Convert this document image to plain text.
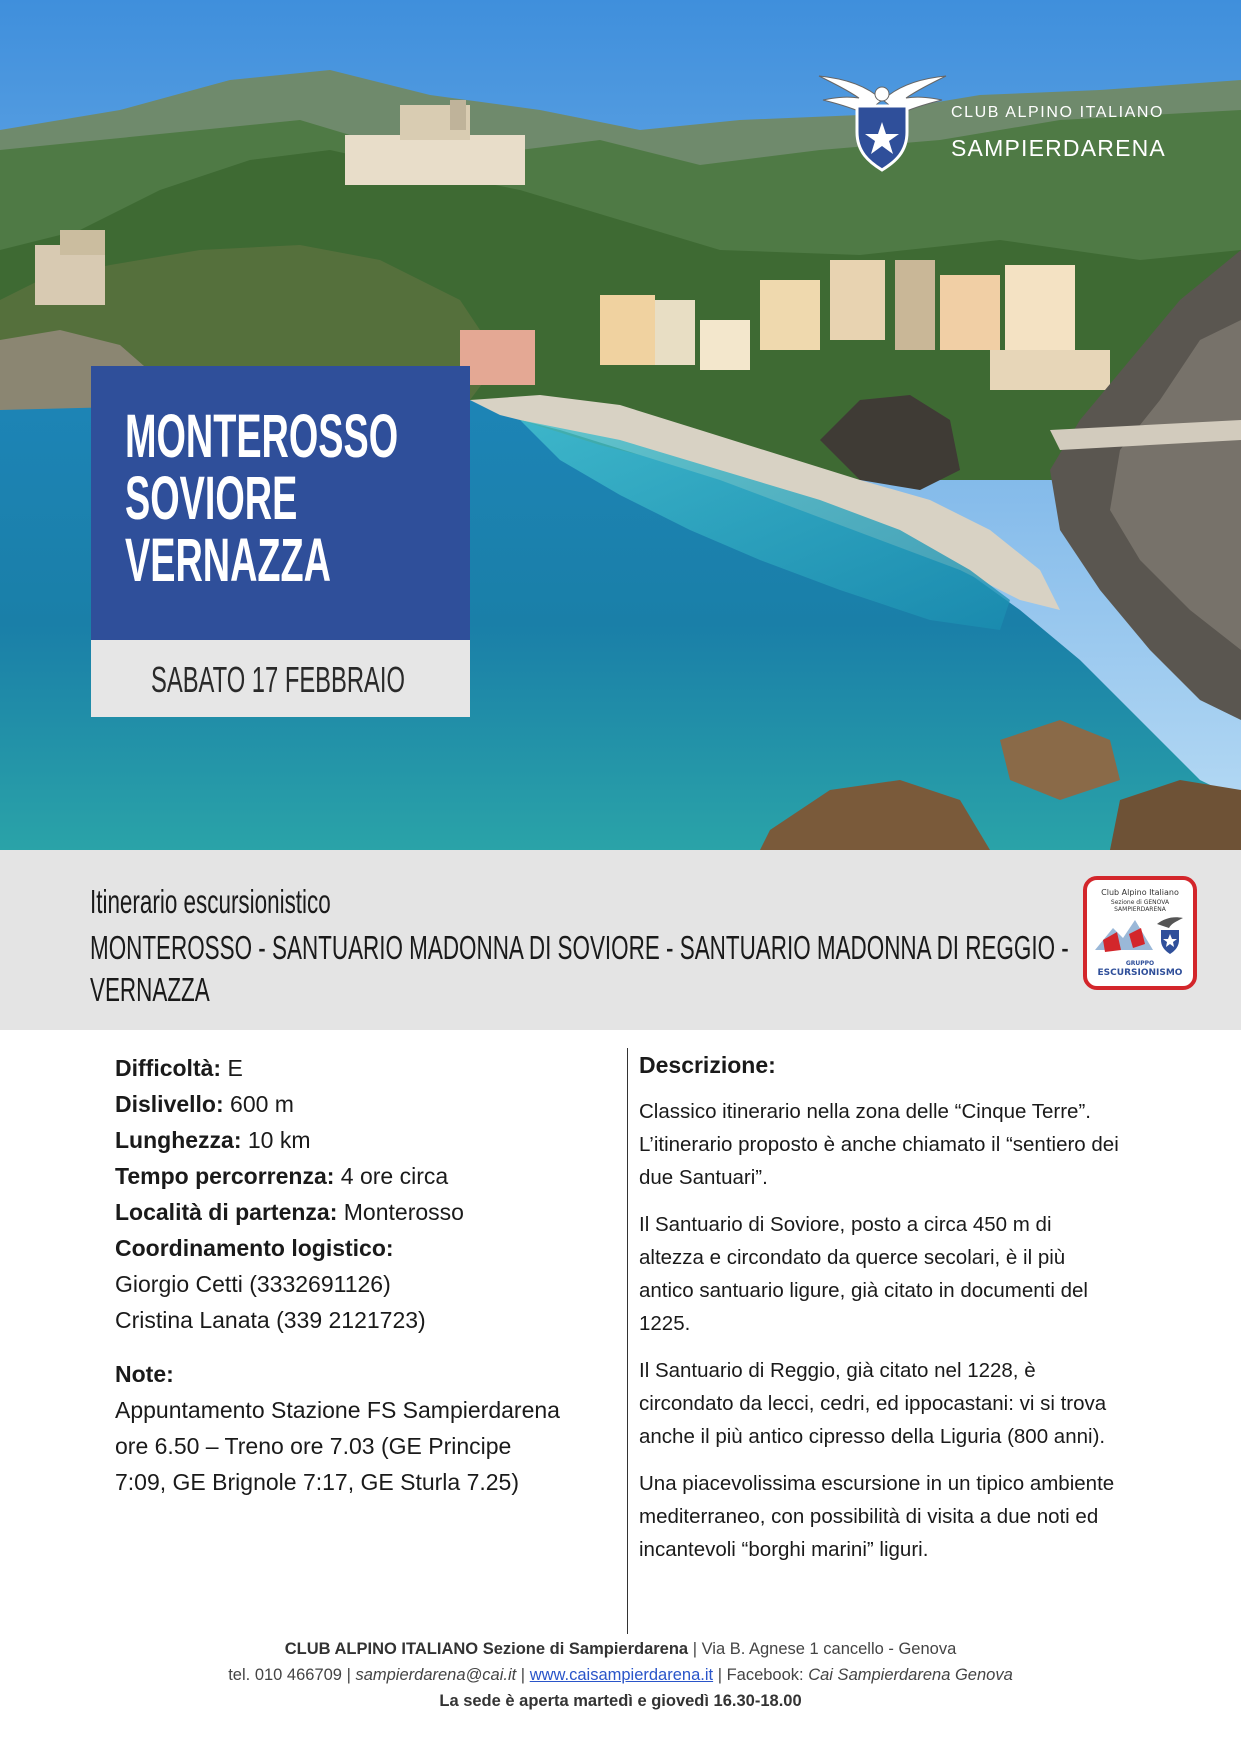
CLUB ALPINO ITALIANO
SAMPIERDARENA
MONTEROSSO
SOVIORE
VERNAZZA
SABATO 17 FEBBRAIO
Itinerario escursionistico
MONTEROSSO - SANTUARIO MADONNA DI SOVIORE - SANTUARIO MADONNA DI REGGIO - VERNAZZA
Club Alpino Italiano
Sezione di GENOVA SAMPIERDARENA
GRUPPO
ESCURSIONISMO
Difficoltà: E
Dislivello: 600 m
Lunghezza: 10 km
Tempo percorrenza: 4 ore circa
Località di partenza: Monterosso
Coordinamento logistico:
Giorgio Cetti (3332691126)
Cristina Lanata (339 2121723)
Note:
Appuntamento Stazione FS Sampierdarena ore 6.50 – Treno ore 7.03 (GE Principe 7:09, GE Brignole 7:17, GE Sturla 7.25)
Descrizione:

Classico itinerario nella zona delle “Cinque Terre”. L’itinerario proposto è anche chiamato il “sentiero dei due Santuari”.

Il Santuario di Soviore, posto a circa 450 m di altezza e circondato da querce secolari, è il più antico santuario ligure, già citato in documenti del 1225.

Il Santuario di Reggio, già citato nel 1228, è circondato da lecci, cedri, ed ippocastani: vi si trova anche il più antico cipresso della Liguria (800 anni).

Una piacevolissima escursione in un tipico ambiente mediterraneo, con possibilità di visita a due noti ed incantevoli “borghi marini” liguri.

CLUB ALPINO ITALIANO Sezione di Sampierdarena | Via B. Agnese 1 cancello - Genova
tel. 010 466709 | sampierdarena@cai.it | www.caisampierdarena.it | Facebook: Cai Sampierdarena Genova
La sede è aperta martedì e giovedì 16.30-18.00
